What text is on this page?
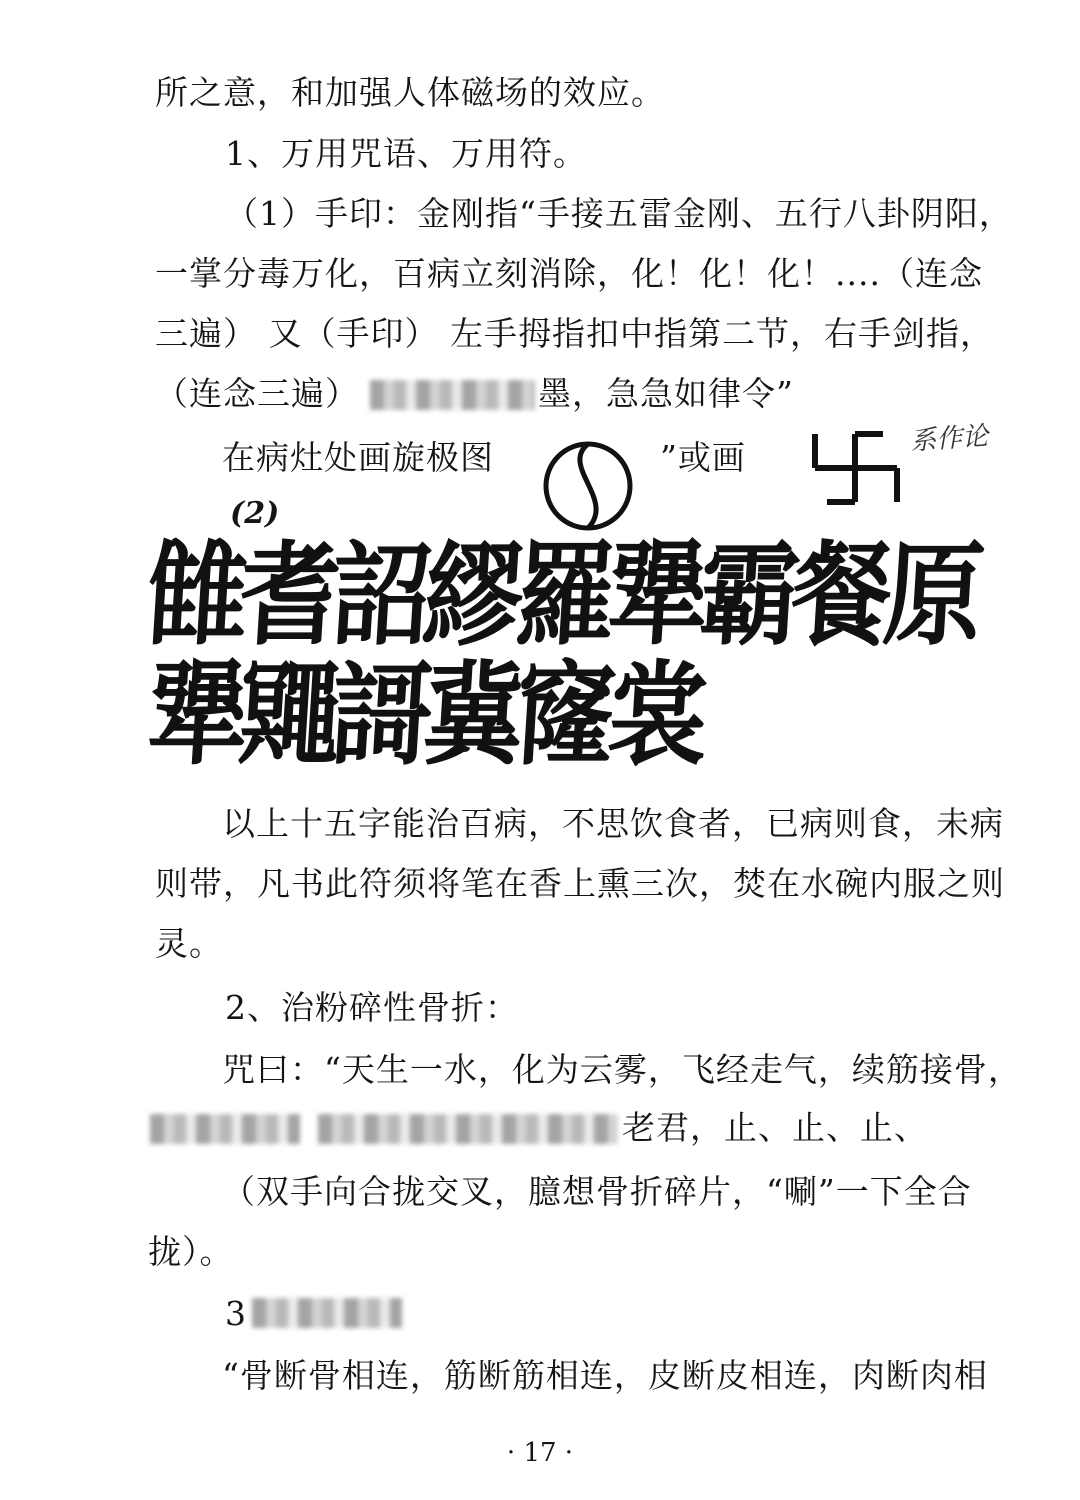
所之意，和加强人体磁场的效应。
1、万用咒语、万用符。
（1）手印：金刚指“手接五雷金刚、五行八卦阴阳，
一掌分毒万化，百病立刻消除，化！化！化！....（连念
三遍） 又（手印） 左手拇指扣中指第二节，右手剑指，
（连念三遍）	墨，急急如律令”
在病灶处画旋极图	”或画	系作论
(2)
雔耆詔繆羅犟霸餐原
犟鼆謌冀窿裳
以上十五字能治百病，不思饮食者，已病则食，未病
则带，凡书此符须将笔在香上熏三次，焚在水碗内服之则
灵。
2、治粉碎性骨折：
咒曰：“天生一水，化为云雾，飞经走气，续筋接骨，
老君，止、止、止、
（双手向合拢交叉，臆想骨折碎片，“唰”一下全合
拢）。
3
“骨断骨相连，筋断筋相连，皮断皮相连，肉断肉相
· 17 ·
